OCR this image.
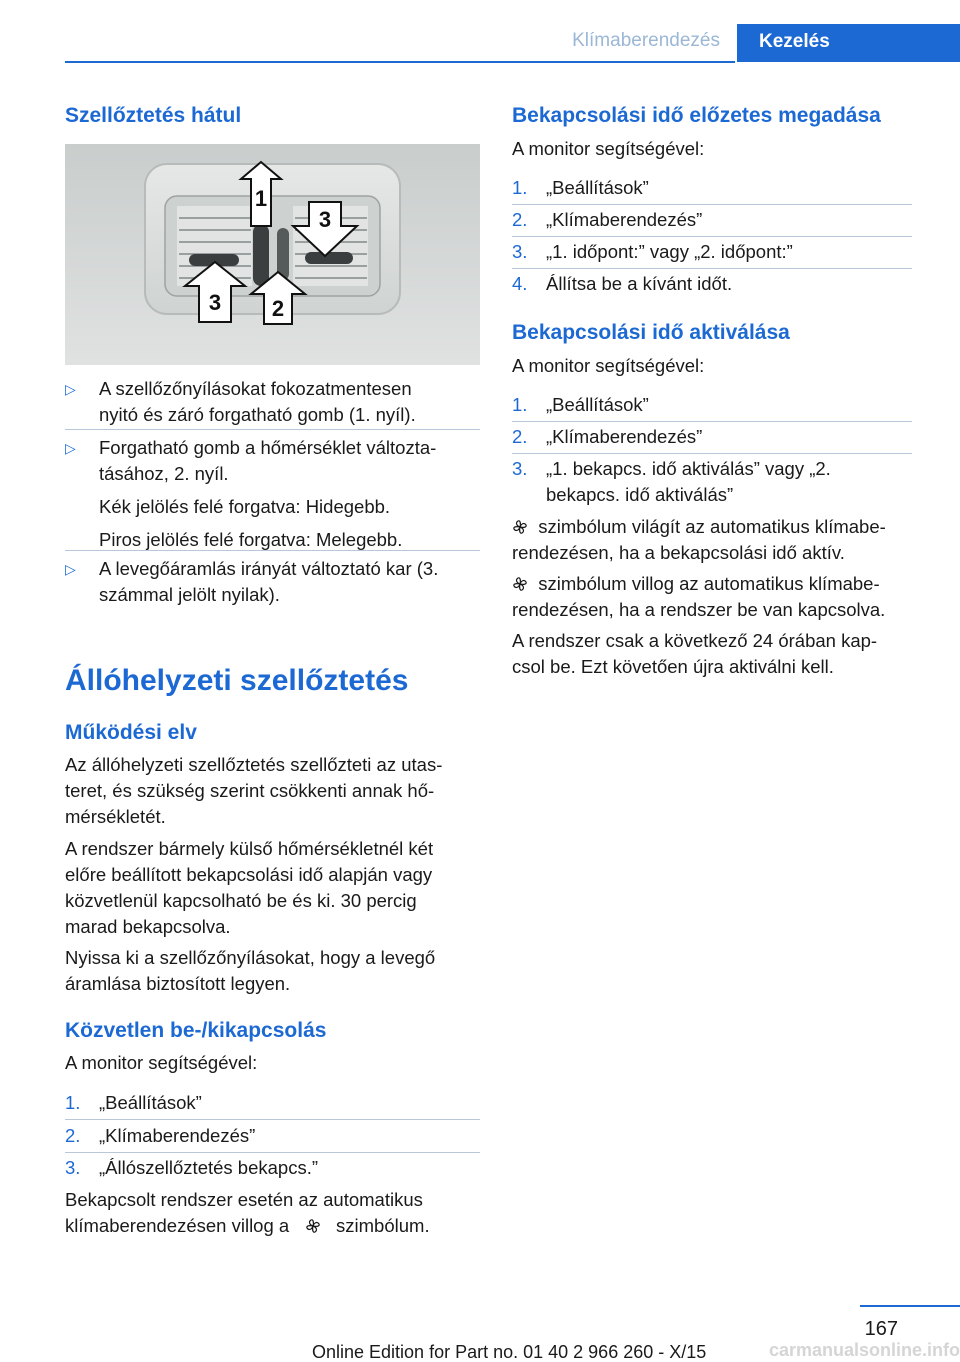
Klímaberendezés	Kezelés
Szellőztetés hátul
1
3
3 2
▷ A szellőzőnyílásokat fokozatmentesen
nyitó és záró forgatható gomb (1. nyíl).
▷ Forgatható gomb a hőmérséklet változta‐
tásához, 2. nyíl.
Kék jelölés felé forgatva: Hidegebb.
Piros jelölés felé forgatva: Melegebb.
▷ A levegőáramlás irányát változtató kar (3.
számmal jelölt nyilak).
Állóhelyzeti szellőztetés
Működési elv
Az állóhelyzeti szellőztetés szellőzteti az utas‐
teret, és szükség szerint csökkenti annak hő‐
mérsékletét.
A rendszer bármely külső hőmérsékletnél két
előre beállított bekapcsolási idő alapján vagy
közvetlenül kapcsolható be és ki. 30 percig
marad bekapcsolva.
Nyissa ki a szellőzőnyílásokat, hogy a levegő
áramlása biztosított legyen.
Közvetlen be-/kikapcsolás
A monitor segítségével:
1. „Beállítások”
2. „Klímaberendezés”
3. „Állószellőztetés bekapcs.”
Bekapcsolt rendszer esetén az automatikus
klímaberendezésen villog a	szimbólum.
Bekapcsolási idő előzetes megadása
A monitor segítségével:
1. „Beállítások”
2. „Klímaberendezés”
3. „1. időpont:” vagy „2. időpont:”
4. Állítsa be a kívánt időt.
Bekapcsolási idő aktiválása
A monitor segítségével:
1. „Beállítások”
2. „Klímaberendezés”
3. „1. bekapcs. idő aktiválás” vagy „2.
bekapcs. idő aktiválás”
szimbólum világít az automatikus klímabe‐
rendezésen, ha a bekapcsolási idő aktív.
szimbólum villog az automatikus klímabe‐
rendezésen, ha a rendszer be van kapcsolva.
A rendszer csak a következő 24 órában kap‐
csol be. Ezt követően újra aktiválni kell.
167
Online Edition for Part no. 01 40 2 966 260 - X/15	carmanualsonline.info
